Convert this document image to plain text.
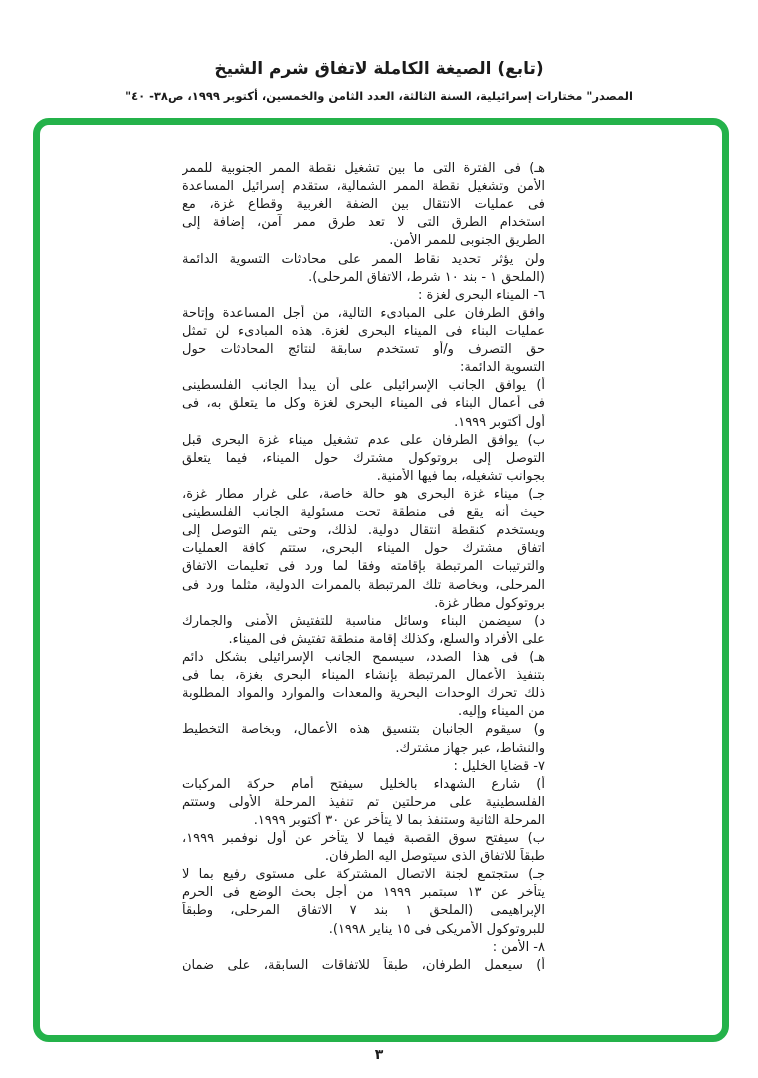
(تابع) الصيغة الكاملة لاتفاق شرم الشيخ
المصدر" مختارات إسرائيلية، السنة الثالثة، العدد الثامن والخمسين، أكتوبر ١٩٩٩، ص٣٨- ٤٠"
هـ) فى الفترة التى ما بين تشغيل نقطة الممر الجنوبية للممر
الأمن وتشغيل نقطة الممر الشمالية، ستقدم إسرائيل المساعدة
فى عمليات الانتقال بين الضفة الغربية وقطاع غزة، مع
استخدام الطرق التى لا تعد طرق ممر آمن، إضافة إلى
الطريق الجنوبى للممر الأمن.
ولن يؤثر تحديد نقاط الممر على محادثات التسوية الدائمة
(الملحق ١ - بند ١٠ شرط، الاتفاق المرحلى).
٦- الميناء البحرى لغزة :
وافق الطرفان على المبادىء التالية، من أجل المساعدة وإتاحة
عمليات البناء فى الميناء البحرى لغزة. هذه المبادىء لن تمثل
حق التصرف و/أو تستخدم سابقة لنتائج المحادثات حول
التسوية الدائمة:
أ) يوافق الجانب الإسرائيلى على أن يبدأ الجانب الفلسطينى
فى أعمال البناء فى الميناء البحرى لغزة وكل ما يتعلق به، فى
أول أكتوبر ١٩٩٩.
ب) يوافق الطرفان على عدم تشغيل ميناء غزة البحرى قبل
التوصل إلى بروتوكول مشترك حول الميناء، فيما يتعلق
بجوانب تشغيله، بما فيها الأمنية.
جـ) ميناء غزة البحرى هو حالة خاصة، على غرار مطار غزة،
حيث أنه يقع فى منطقة تحت مسئولية الجانب الفلسطينى
ويستخدم كنقطة انتقال دولية. لذلك، وحتى يتم التوصل إلى
اتفاق مشترك حول الميناء البحرى، ستتم كافة العمليات
والترتيبات المرتبطة بإقامته وفقا لما ورد فى تعليمات الاتفاق
المرحلى، وبخاصة تلك المرتبطة بالممرات الدولية، مثلما ورد فى
بروتوكول مطار غزة.
د) سيضمن البناء وسائل مناسبة للتفتيش الأمنى والجمارك
على الأفراد والسلع، وكذلك إقامة منطقة تفتيش فى الميناء.
هـ) فى هذا الصدد، سيسمح الجانب الإسرائيلى بشكل دائم
بتنفيذ الأعمال المرتبطة بإنشاء الميناء البحرى بغزة، بما فى
ذلك تحرك الوحدات البحرية والمعدات والموارد والمواد المطلوبة
من الميناء وإليه.
و) سيقوم الجانبان بتنسيق هذه الأعمال، وبخاصة التخطيط
والنشاط، عبر جهاز مشترك.
٧- قضايا الخليل :
أ) شارع الشهداء بالخليل سيفتح أمام حركة المركبات
الفلسطينية على مرحلتين تم تنفيذ المرحلة الأولى وستتم
المرحلة الثانية وستنفذ بما لا يتأخر عن ٣٠ أكتوبر ١٩٩٩.
ب) سيفتح سوق القصبة فيما لا يتأخر عن أول نوفمبر ١٩٩٩،
طبقاً للاتفاق الذى سيتوصل اليه الطرفان.
جـ) ستجتمع لجنة الاتصال المشتركة على مستوى رفيع بما لا
يتأخر عن ١٣ سبتمبر ١٩٩٩ من أجل بحث الوضع فى الحرم
الإبراهيمى (الملحق ١ بند ٧ الاتفاق المرحلى، وطبقاً
للبروتوكول الأمريكى فى ١٥ يناير ١٩٩٨).
٨- الأمن :
أ) سيعمل الطرفان، طبقاً للاتفاقات السابقة، على ضمان
٣
